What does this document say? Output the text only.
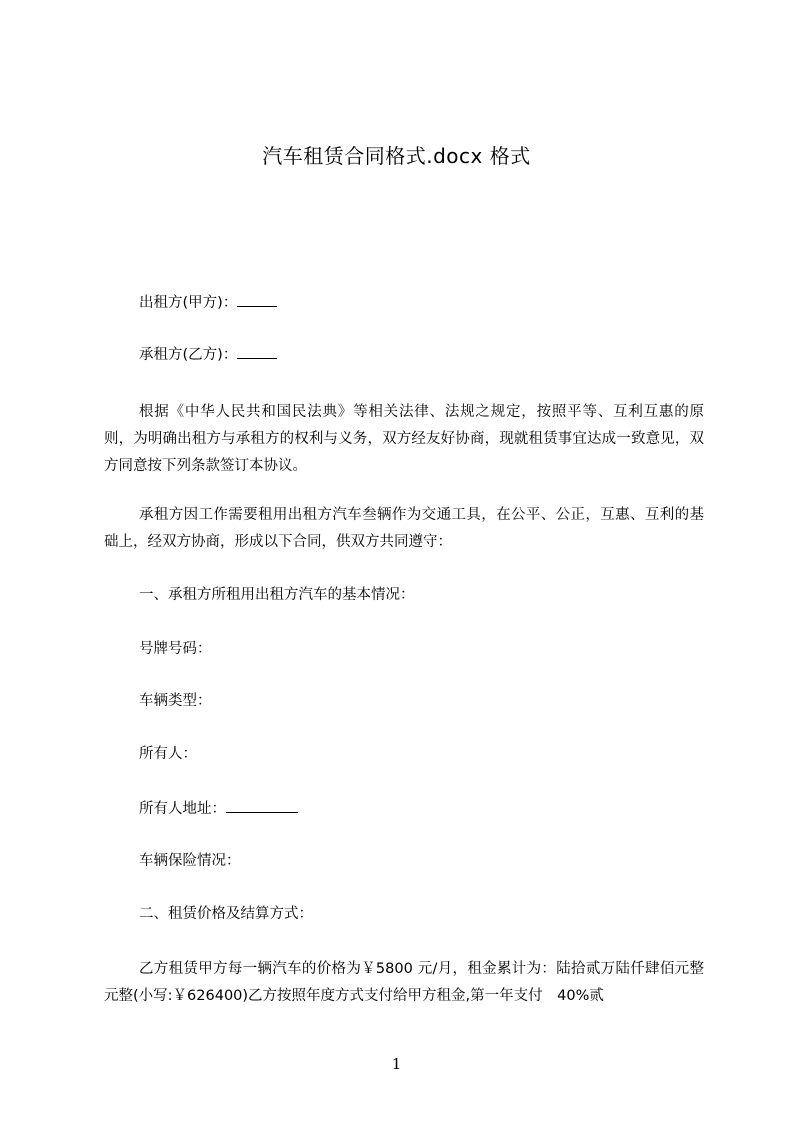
汽车租赁合同格式.docx 格式
出租方(甲方)：
承租方(乙方)：

根据《中华人民共和国民法典》等相关法律、法规之规定，按照平等、互利互惠的原则，为明确出租方与承租方的权利与义务，双方经友好协商，现就租赁事宜达成一致意见，双方同意按下列条款签订本协议。

承租方因工作需要租用出租方汽车叁辆作为交通工具，在公平、公正，互惠、互利的基础上，经双方协商，形成以下合同，供双方共同遵守：

一、承租方所租用出租方汽车的基本情况：
号牌号码：
车辆类型：
所有人：
所有人地址：
车辆保险情况：
二、租赁价格及结算方式：

乙方租赁甲方每一辆汽车的价格为￥5800 元/月，租金累计为：陆拾贰万陆仟肆佰元整元整(小写:￥626400)乙方按照年度方式支付给甲方租金,第一年支付　40%贰

1
